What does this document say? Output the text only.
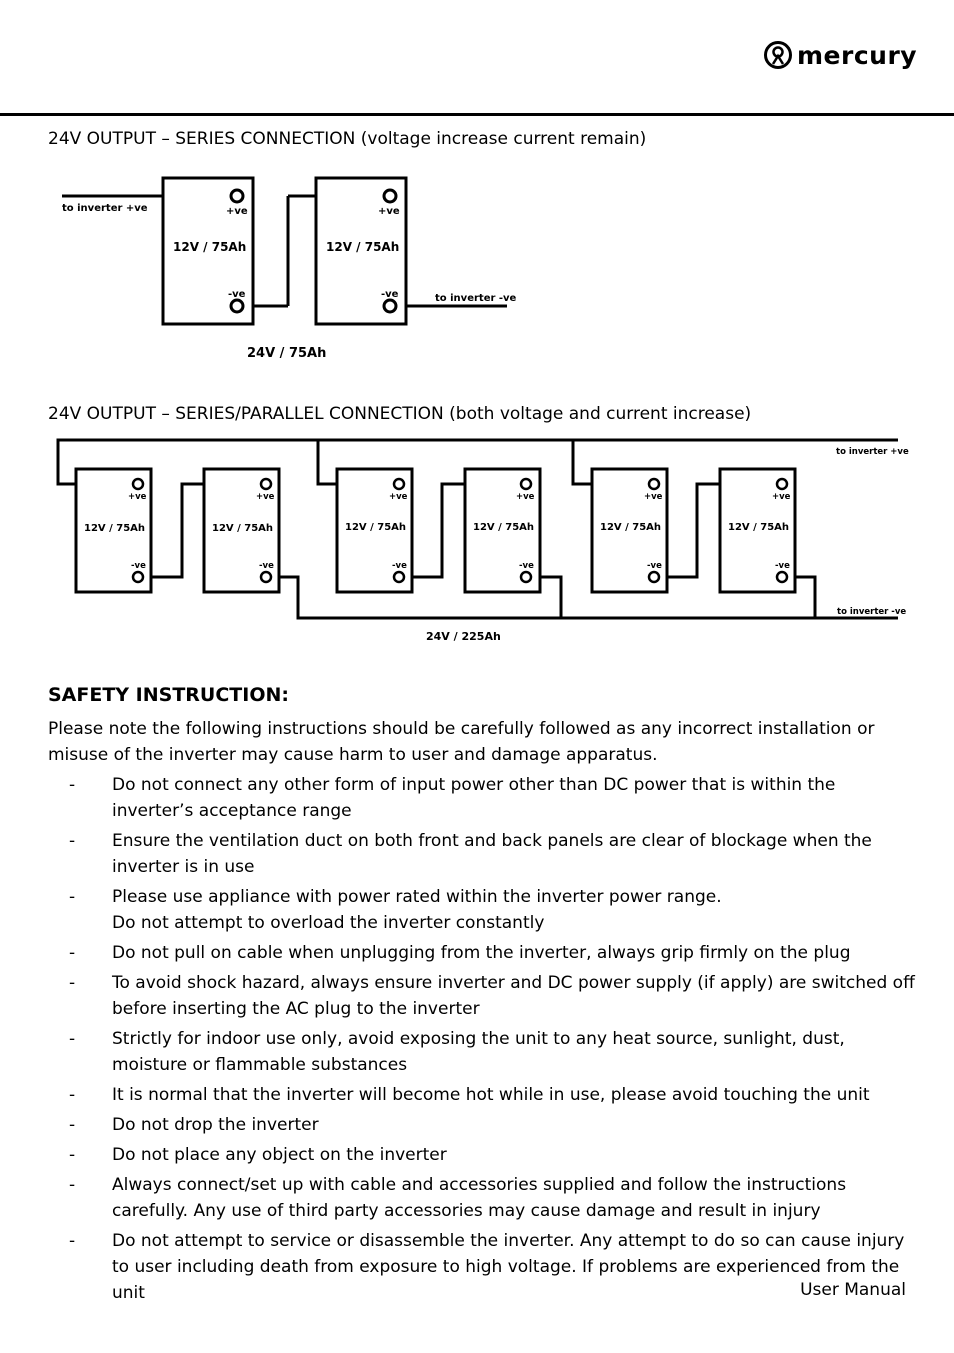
mercury
24V OUTPUT – SERIES CONNECTION (voltage increase current remain)
+ve
-ve
12V / 75Ah
+ve
-ve
12V / 75Ah
to inverter +ve
to inverter -ve
24V / 75Ah
24V OUTPUT – SERIES/PARALLEL CONNECTION (both voltage and current increase)
+ve
-ve
12V / 75Ah
+ve
-ve
12V / 75Ah
+ve
-ve
12V / 75Ah
+ve
-ve
12V / 75Ah
+ve
-ve
12V / 75Ah
+ve
-ve
12V / 75Ah
to inverter +ve
to inverter -ve
24V / 225Ah
SAFETY INSTRUCTION:
Please note the following instructions should be carefully followed as any incorrect installation or misuse of the inverter may cause harm to user and damage apparatus.
- Do not connect any other form of input power other than DC power that is within the inverter’s acceptance range
- Ensure the ventilation duct on both front and back panels are clear of blockage when the inverter is in use
- Please use appliance with power rated within the inverter power range.
Do not attempt to overload the inverter constantly
- Do not pull on cable when unplugging from the inverter, always grip firmly on the plug
- To avoid shock hazard, always ensure inverter and DC power supply (if apply) are switched off before inserting the AC plug to the inverter
- Strictly for indoor use only, avoid exposing the unit to any heat source, sunlight, dust, moisture or flammable substances
- It is normal that the inverter will become hot while in use, please avoid touching the unit
- Do not drop the inverter
- Do not place any object on the inverter
- Always connect/set up with cable and accessories supplied and follow the instructions carefully. Any use of third party accessories may cause damage and result in injury
- Do not attempt to service or disassemble the inverter. Any attempt to do so can cause injury to user including death from exposure to high voltage. If problems are experienced from the unit	User Manual
